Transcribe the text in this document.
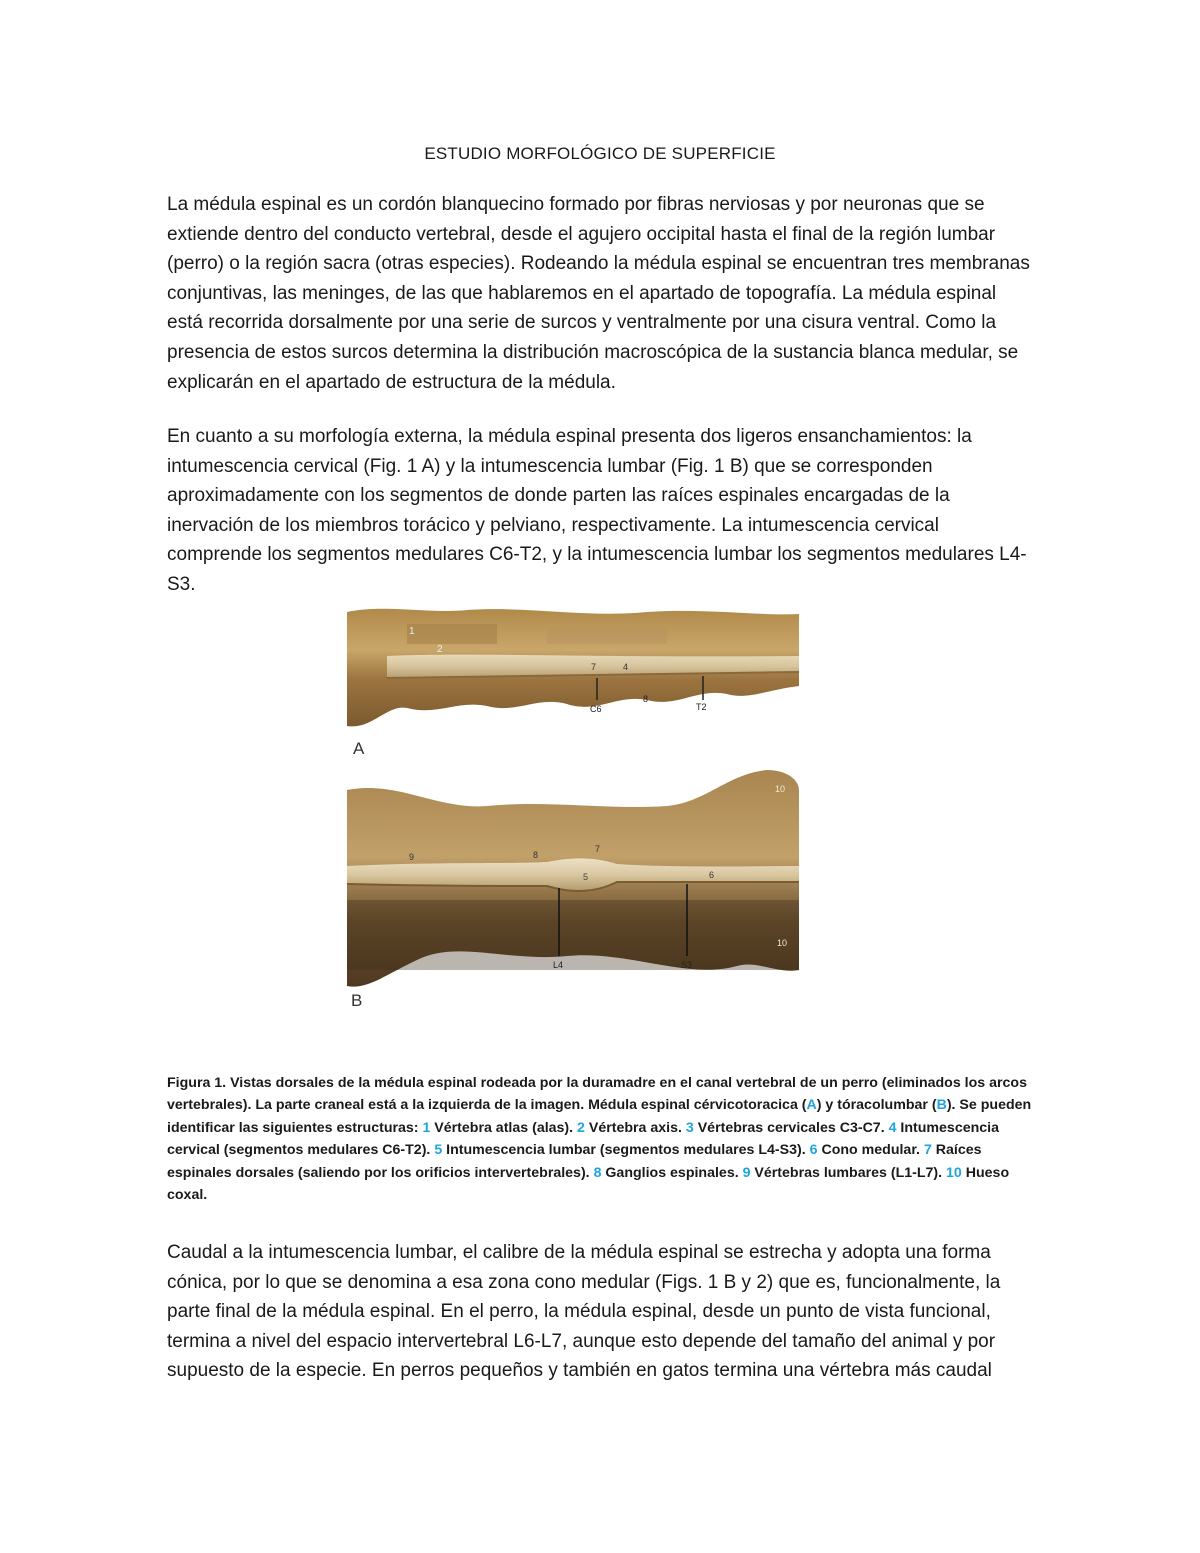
ESTUDIO MORFOLÓGICO DE SUPERFICIE
La médula espinal es un cordón blanquecino formado por fibras nerviosas y por neuronas que se extiende dentro del conducto vertebral, desde el agujero occipital hasta el final de la región lumbar (perro) o la región sacra (otras especies). Rodeando la médula espinal se encuentran tres membranas conjuntivas, las meninges, de las que hablaremos en el apartado de topografía. La médula espinal está recorrida dorsalmente por una serie de surcos y ventralmente por una cisura ventral. Como la presencia de estos surcos determina la distribución macroscópica de la sustancia blanca medular, se explicarán en el apartado de estructura de la médula.
En cuanto a su morfología externa, la médula espinal presenta dos ligeros ensanchamientos: la intumescencia cervical (Fig. 1 A) y la intumescencia lumbar (Fig. 1 B) que se corresponden aproximadamente con los segmentos de donde parten las raíces espinales encargadas de la inervación de los miembros torácico y pelviano, respectivamente. La intumescencia cervical comprende los segmentos medulares C6-T2, y la intumescencia lumbar los segmentos medulares L4-S3.
1
2
7	4
8
C6	T2
A
10
9	8
7
5	6
10
L4	S3
B
Figura 1. Vistas dorsales de la médula espinal rodeada por la duramadre en el canal vertebral de un perro (eliminados los arcos vertebrales). La parte craneal está a la izquierda de la imagen. Médula espinal cérvicotoracica (A) y tóracolumbar (B). Se pueden identificar las siguientes estructuras: 1 Vértebra atlas (alas). 2 Vértebra axis. 3 Vértebras cervicales C3-C7. 4 Intumescencia cervical (segmentos medulares C6-T2). 5 Intumescencia lumbar (segmentos medulares L4-S3). 6 Cono medular. 7 Raíces espinales dorsales (saliendo por los orificios intervertebrales). 8 Ganglios espinales. 9 Vértebras lumbares (L1-L7). 10 Hueso coxal.
Caudal a la intumescencia lumbar, el calibre de la médula espinal se estrecha y adopta una forma cónica, por lo que se denomina a esa zona cono medular (Figs. 1 B y 2) que es, funcionalmente, la parte final de la médula espinal. En el perro, la médula espinal, desde un punto de vista funcional, termina a nivel del espacio intervertebral L6-L7, aunque esto depende del tamaño del animal y por supuesto de la especie. En perros pequeños y también en gatos termina una vértebra más caudal
